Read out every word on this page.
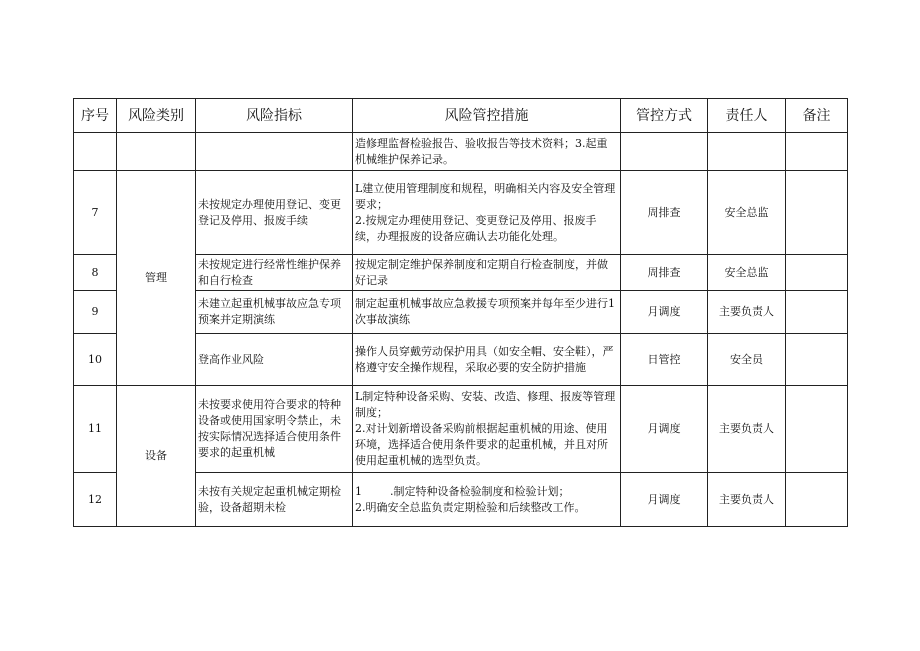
序号	风险类别	风险指标	风险管控措施	管控方式	责任人	备注
			造修理监督检验报告、验收报告等技术资料；3.起重机械维护保养记录。			
7	管理	未按规定办理使用登记、变更登记及停用、报废手续	L建立使用管理制度和规程，明确相关内容及安全管理要求；
2.按规定办理使用登记、变更登记及停用、报废手续，办理报废的设备应确认去功能化处理。	周排查	安全总监	
8		未按规定进行经常性维护保养和自行检查	按规定制定维护保养制度和定期自行检查制度，并做好记录	周排查	安全总监	
9		未建立起重机械事故应急专项预案并定期演练	制定起重机械事故应急救援专项预案并每年至少进行1次事故演练	月调度	主要负责人	
10		登高作业风险	操作人员穿戴劳动保护用具（如安全帽、安全鞋），严格遵守安全操作规程，采取必要的安全防护措施	日管控	安全员	
11	设备	未按要求使用符合要求的特种设备或使用国家明令禁止，未按实际情况选择适合使用条件要求的起重机械	L制定特种设备采购、安装、改造、修理、报废等管理制度；
2.对计划新增设备采购前根据起重机械的用途、使用环境，选择适合使用条件要求的起重机械，并且对所使用起重机械的选型负责。	月调度	主要负责人	
12		未按有关规定起重机械定期检验，设备超期未检	1 .制定特种设备检验制度和检验计划；
2.明确安全总监负责定期检验和后续整改工作。	月调度	主要负责人	
